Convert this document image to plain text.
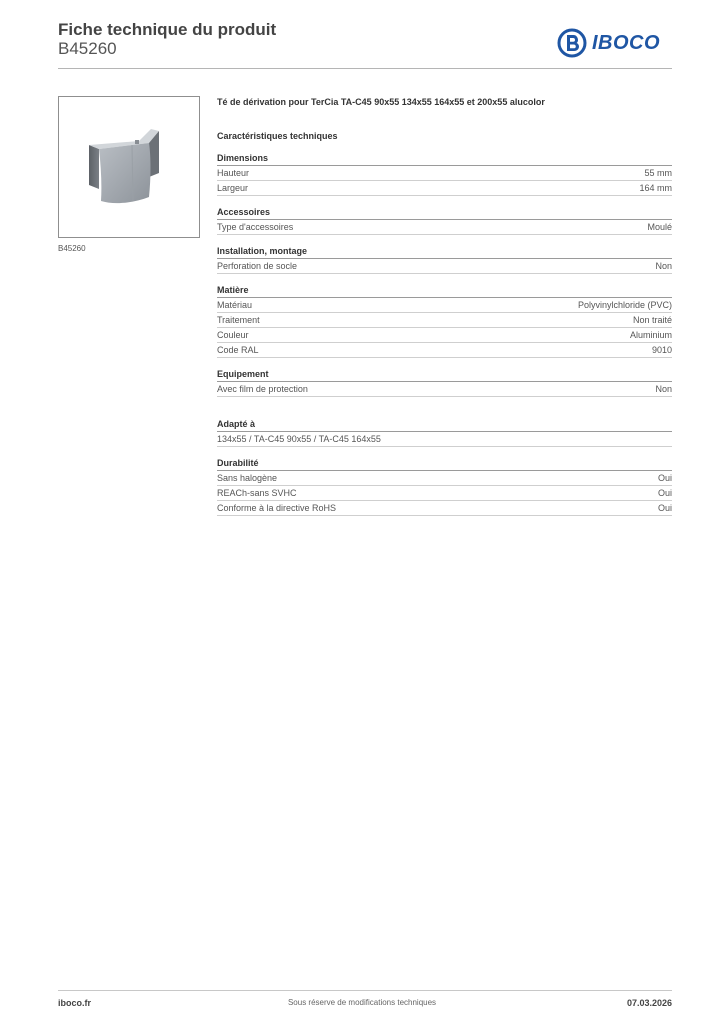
Fiche technique du produit
B45260	IBOCO
B45260
Té de dérivation pour TerCia TA-C45 90x55 134x55 164x55 et 200x55 alucolor
Caractéristiques techniques
Dimensions
Hauteur	55 mm
Largeur	164 mm
Accessoires
Type d'accessoires	Moulé
Installation, montage
Perforation de socle	Non
Matière
Matériau	Polyvinylchloride (PVC)
Traitement	Non traité
Couleur	Aluminium
Code RAL	9010
Equipement
Avec film de protection	Non
Adapté à
134x55 / TA-C45 90x55 / TA-C45 164x55
Durabilité
Sans halogène	Oui
REACh-sans SVHC	Oui
Conforme à la directive RoHS	Oui
iboco.fr	Sous réserve de modifications techniques	07.03.2026
